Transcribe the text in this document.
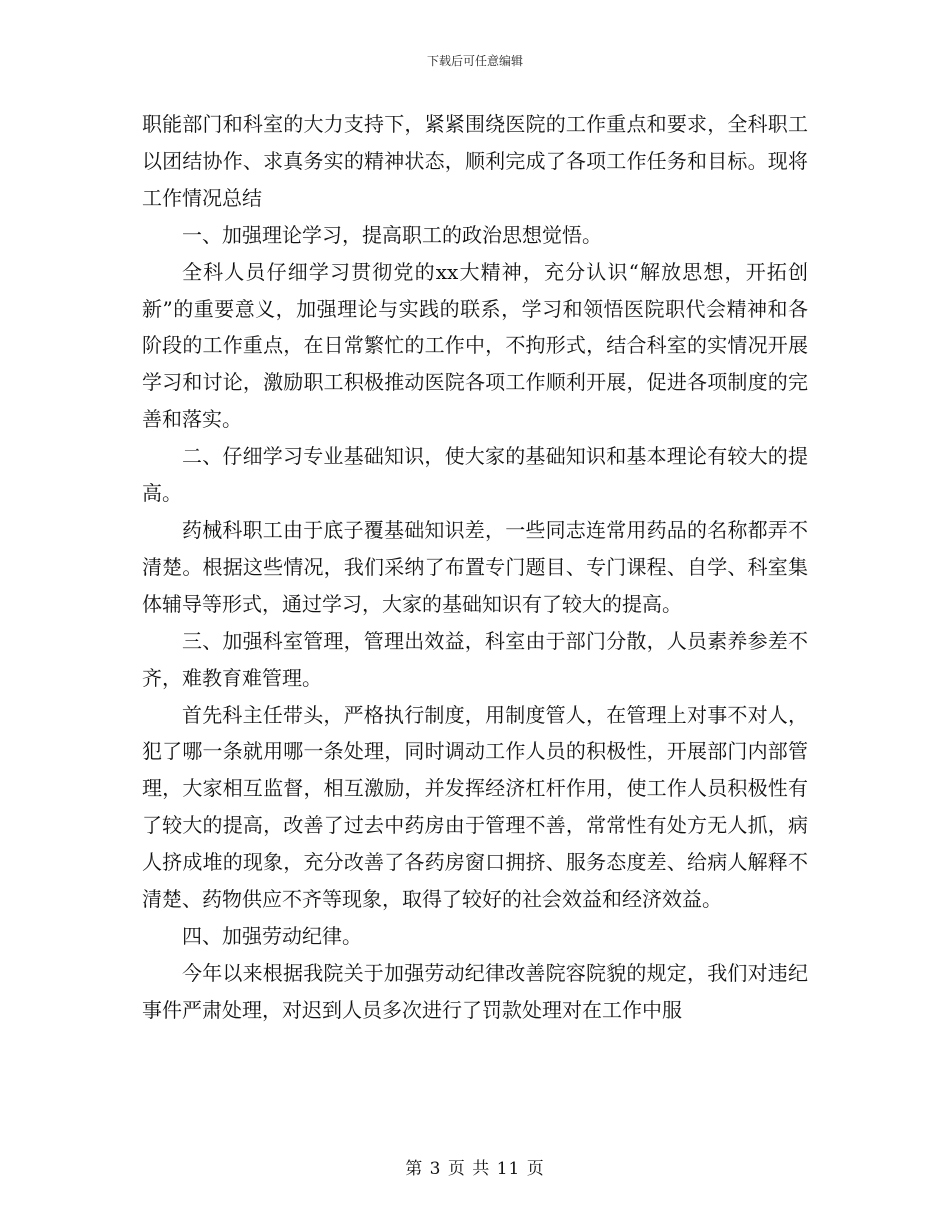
下载后可任意编辑

职能部门和科室的大力支持下，紧紧围绕医院的工作重点和要求，全科职工以团结协作、求真务实的精神状态，顺利完成了各项工作任务和目标。现将工作情况总结

一、加强理论学习，提高职工的政治思想觉悟。

全科人员仔细学习贯彻党的xx大精神，充分认识“解放思想，开拓创新”的重要意义，加强理论与实践的联系，学习和领悟医院职代会精神和各阶段的工作重点，在日常繁忙的工作中，不拘形式，结合科室的实情况开展学习和讨论，激励职工积极推动医院各项工作顺利开展，促进各项制度的完善和落实。

二、仔细学习专业基础知识，使大家的基础知识和基本理论有较大的提高。

药械科职工由于底子覆基础知识差，一些同志连常用药品的名称都弄不清楚。根据这些情况，我们采纳了布置专门题目、专门课程、自学、科室集体辅导等形式，通过学习，大家的基础知识有了较大的提高。

三、加强科室管理，管理出效益，科室由于部门分散，人员素养参差不齐，难教育难管理。

首先科主任带头，严格执行制度，用制度管人，在管理上对事不对人，犯了哪一条就用哪一条处理，同时调动工作人员的积极性，开展部门内部管理，大家相互监督，相互激励，并发挥经济杠杆作用，使工作人员积极性有了较大的提高，改善了过去中药房由于管理不善，常常性有处方无人抓，病人挤成堆的现象，充分改善了各药房窗口拥挤、服务态度差、给病人解释不清楚、药物供应不齐等现象，取得了较好的社会效益和经济效益。

四、加强劳动纪律。

今年以来根据我院关于加强劳动纪律改善院容院貌的规定，我们对违纪事件严肃处理，对迟到人员多次进行了罚款处理对在工作中服

第 3 页 共 11 页
